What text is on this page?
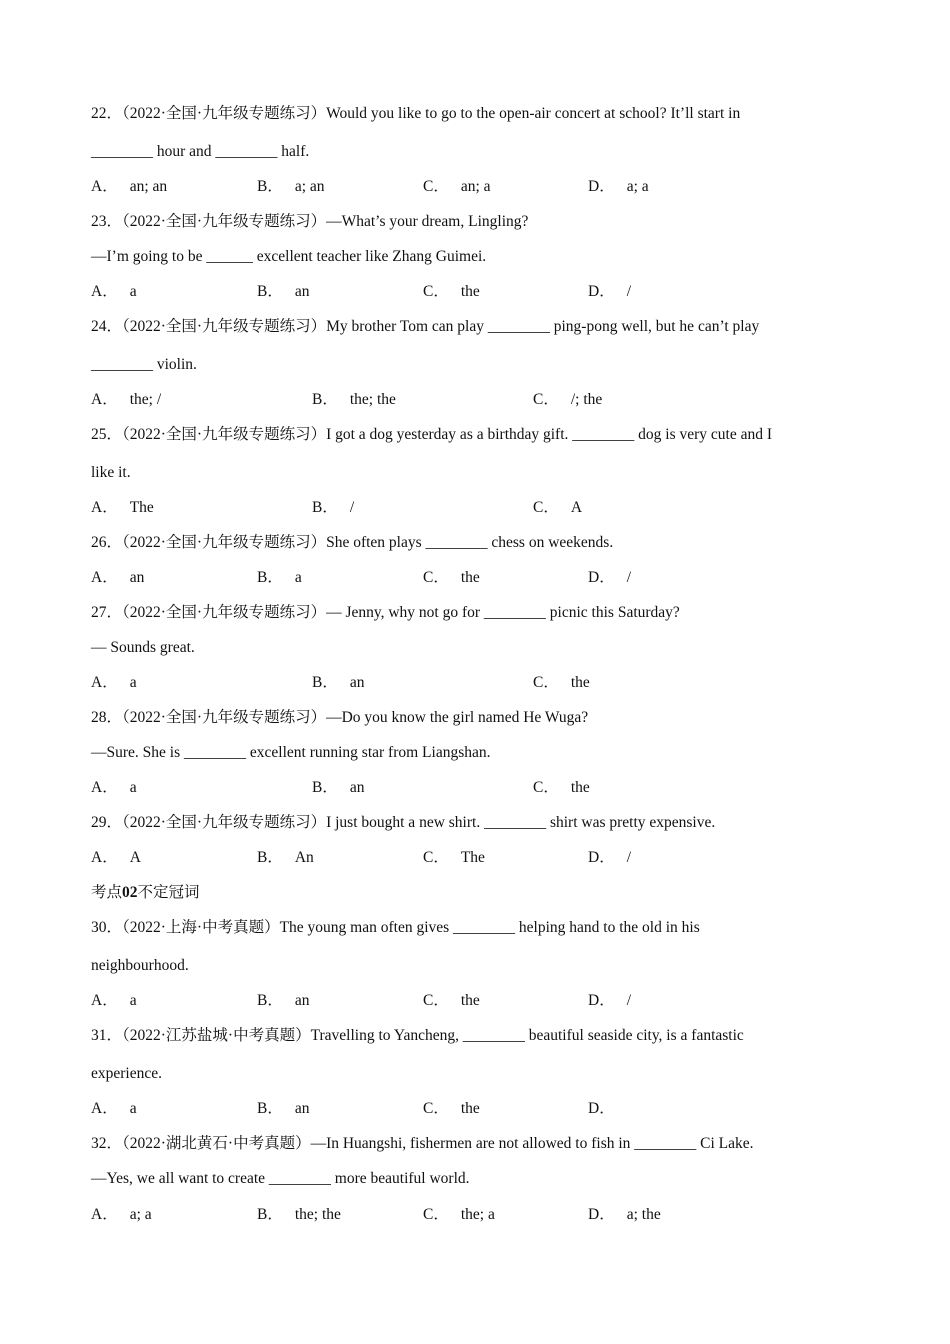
22．（2022·全国·九年级专题练习）Would you like to go to the open-air concert at school? It’ll start in
________ hour and ________ half.
A． an; an	B． a; an	C． an; a	D． a; a
23．（2022·全国·九年级专题练习）—What’s your dream, Lingling?
—I’m going to be ______ excellent teacher like Zhang Guimei.
A． a	B． an	C． the	D． /
24．（2022·全国·九年级专题练习）My brother Tom can play ________ ping-pong well, but he can’t play
________ violin.
A． the; /	B． the; the	C． /; the
25．（2022·全国·九年级专题练习）I got a dog yesterday as a birthday gift. ________ dog is very cute and I
like it.
A． The	B． /	C． A
26．（2022·全国·九年级专题练习）She often plays ________ chess on weekends.
A． an	B． a	C． the	D． /
27．（2022·全国·九年级专题练习）— Jenny, why not go for ________ picnic this Saturday?
— Sounds great.
A． a	B． an	C． the
28．（2022·全国·九年级专题练习）—Do you know the girl named He Wuga?
—Sure. She is ________ excellent running star from Liangshan.
A． a	B． an	C． the
29．（2022·全国·九年级专题练习）I just bought a new shirt. ________ shirt was pretty expensive.
A． A	B． An	C． The	D． /
考点02不定冠词
30．（2022·上海·中考真题）The young man often gives ________ helping hand to the old in his
neighbourhood.
A． a	B． an	C． the	D． /
31．（2022·江苏盐城·中考真题）Travelling to Yancheng, ________ beautiful seaside city, is a fantastic
experience.
A． a	B． an	C． the	D．
32．（2022·湖北黄石·中考真题）—In Huangshi, fishermen are not allowed to fish in ________ Ci Lake.
—Yes, we all want to create ________ more beautiful world.
A． a; a	B． the; the	C． the; a	D． a; the
